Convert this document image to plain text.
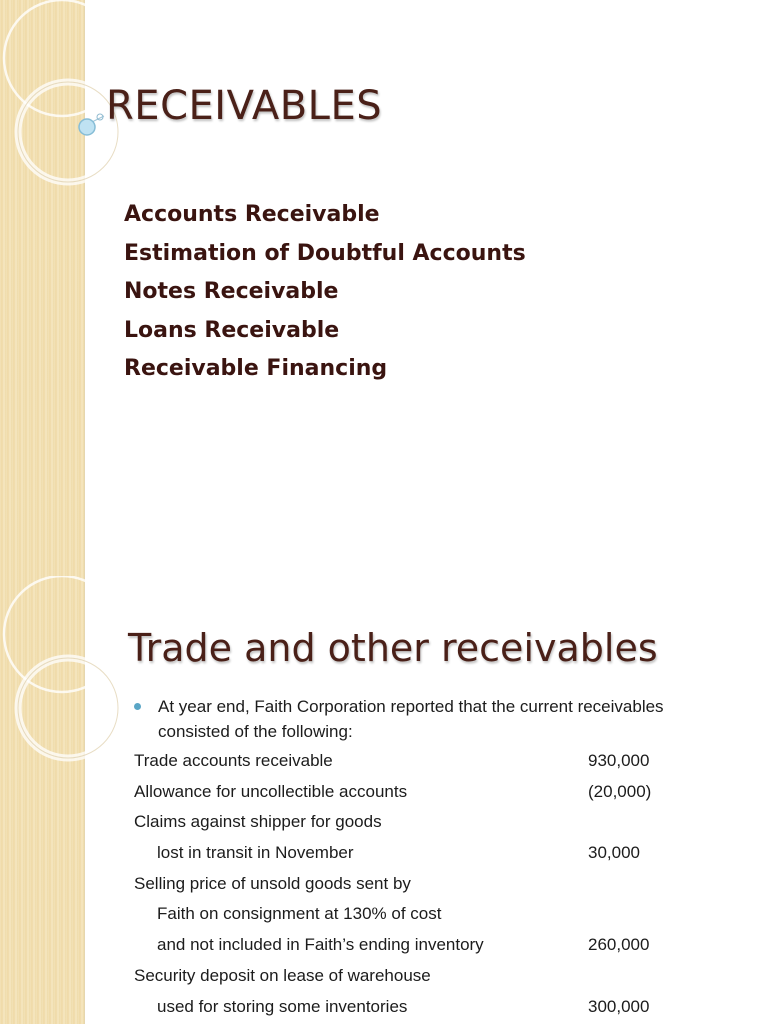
RECEIVABLES
Accounts Receivable
Estimation of Doubtful Accounts
Notes Receivable
Loans Receivable
Receivable Financing
Trade and other receivables
At year end, Faith Corporation reported that the current receivables consisted of the following:
Trade accounts receivable	930,000
Allowance for uncollectible accounts	(20,000)
Claims against shipper for goods
lost in transit in November	30,000
Selling price of unsold goods sent by
Faith on consignment at 130% of cost
and not included in Faith’s ending inventory	260,000
Security deposit on lease of warehouse
used for storing some inventories	300,000
